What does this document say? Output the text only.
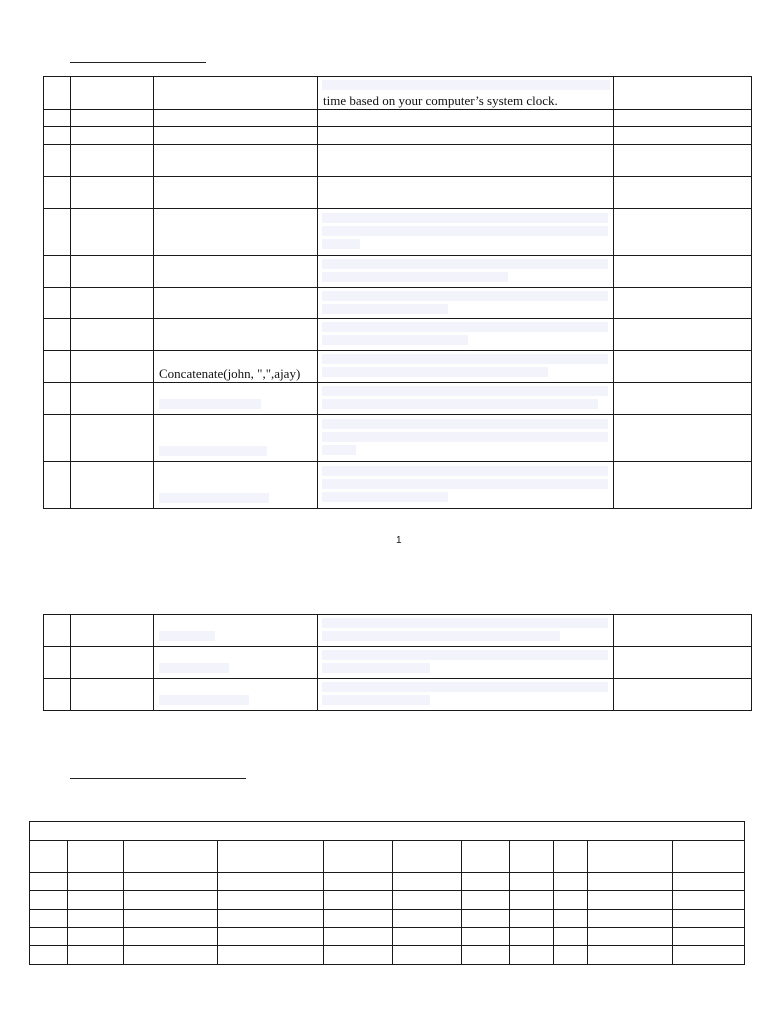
			time based on your computer’s system clock.	

		Concatenate(john, ",",ajay)		

1
